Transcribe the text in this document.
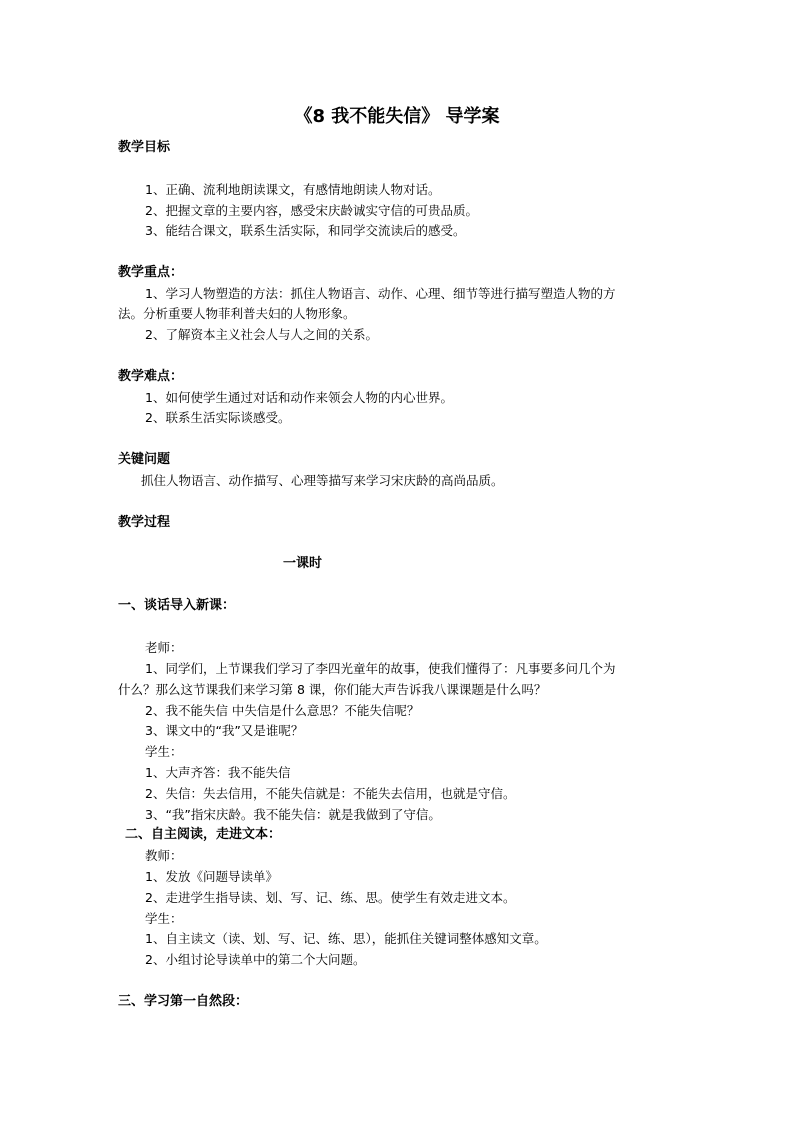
《8 我不能失信》 导学案
教学目标
1、正确、流利地朗读课文，有感情地朗读人物对话。
2、把握文章的主要内容，感受宋庆龄诚实守信的可贵品质。
3、能结合课文，联系生活实际，和同学交流读后的感受。
教学重点：
1、学习人物塑造的方法：抓住人物语言、动作、心理、细节等进行描写塑造人物的方
法。分析重要人物菲利普夫妇的人物形象。
2、了解资本主义社会人与人之间的关系。
教学难点：
1、如何使学生通过对话和动作来领会人物的内心世界。
2、联系生活实际谈感受。
关键问题
抓住人物语言、动作描写、心理等描写来学习宋庆龄的高尚品质。
教学过程
一课时
一、谈话导入新课：
老师：
1、同学们，上节课我们学习了李四光童年的故事，使我们懂得了：凡事要多问几个为
什么？那么这节课我们来学习第 8 课，你们能大声告诉我八课课题是什么吗？
2、我不能失信 中失信是什么意思？不能失信呢？
3、课文中的“我”又是谁呢？
学生：
1、大声齐答：我不能失信
2、失信：失去信用，不能失信就是：不能失去信用，也就是守信。
3、“我”指宋庆龄。我不能失信：就是我做到了守信。
二、自主阅读，走进文本：
教师：
1、发放《问题导读单》
2、走进学生指导读、划、写、记、练、思。使学生有效走进文本。
学生：
1、自主读文（读、划、写、记、练、思），能抓住关键词整体感知文章。
2、小组讨论导读单中的第二个大问题。
三、学习第一自然段：
